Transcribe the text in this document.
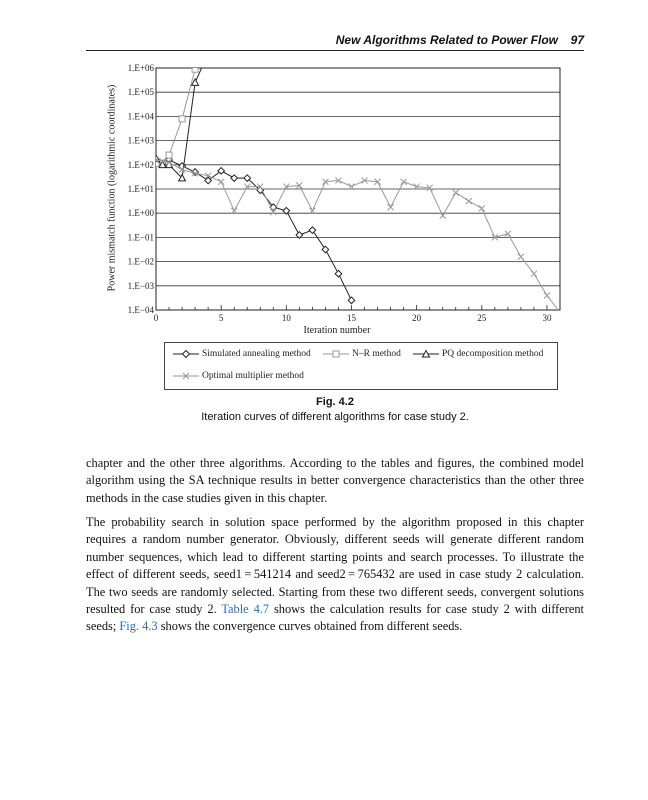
New Algorithms Related to Power Flow 97
1.E+06
1.E+05
1.E+04
1.E+03
1.E+02
1.E+01
1.E+00
1.E−01
1.E−02
1.E−03
1.E−04
0	5	10	15	20	25	30
Power mismatch function (logarithmic coordinates)
Iteration number
Simulated annealing method	N–R method	PQ decomposition method
Optimal multiplier method
Fig. 4.2
Iteration curves of different algorithms for case study 2.

chapter and the other three algorithms. According to the tables and figures, the combined model algorithm using the SA technique results in better convergence characteristics than the other three methods in the case studies given in this chapter.

The probability search in solution space performed by the algorithm proposed in this chapter requires a random number generator. Obviously, different seeds will generate different random number sequences, which lead to different starting points and search processes. To illustrate the effect of different seeds, seed1 = 541214 and seed2 = 765432 are used in case study 2 calculation. The two seeds are randomly selected. Starting from these two different seeds, convergent solutions resulted for case study 2. Table 4.7 shows the calculation results for case study 2 with different seeds; Fig. 4.3 shows the convergence curves obtained from different seeds.
